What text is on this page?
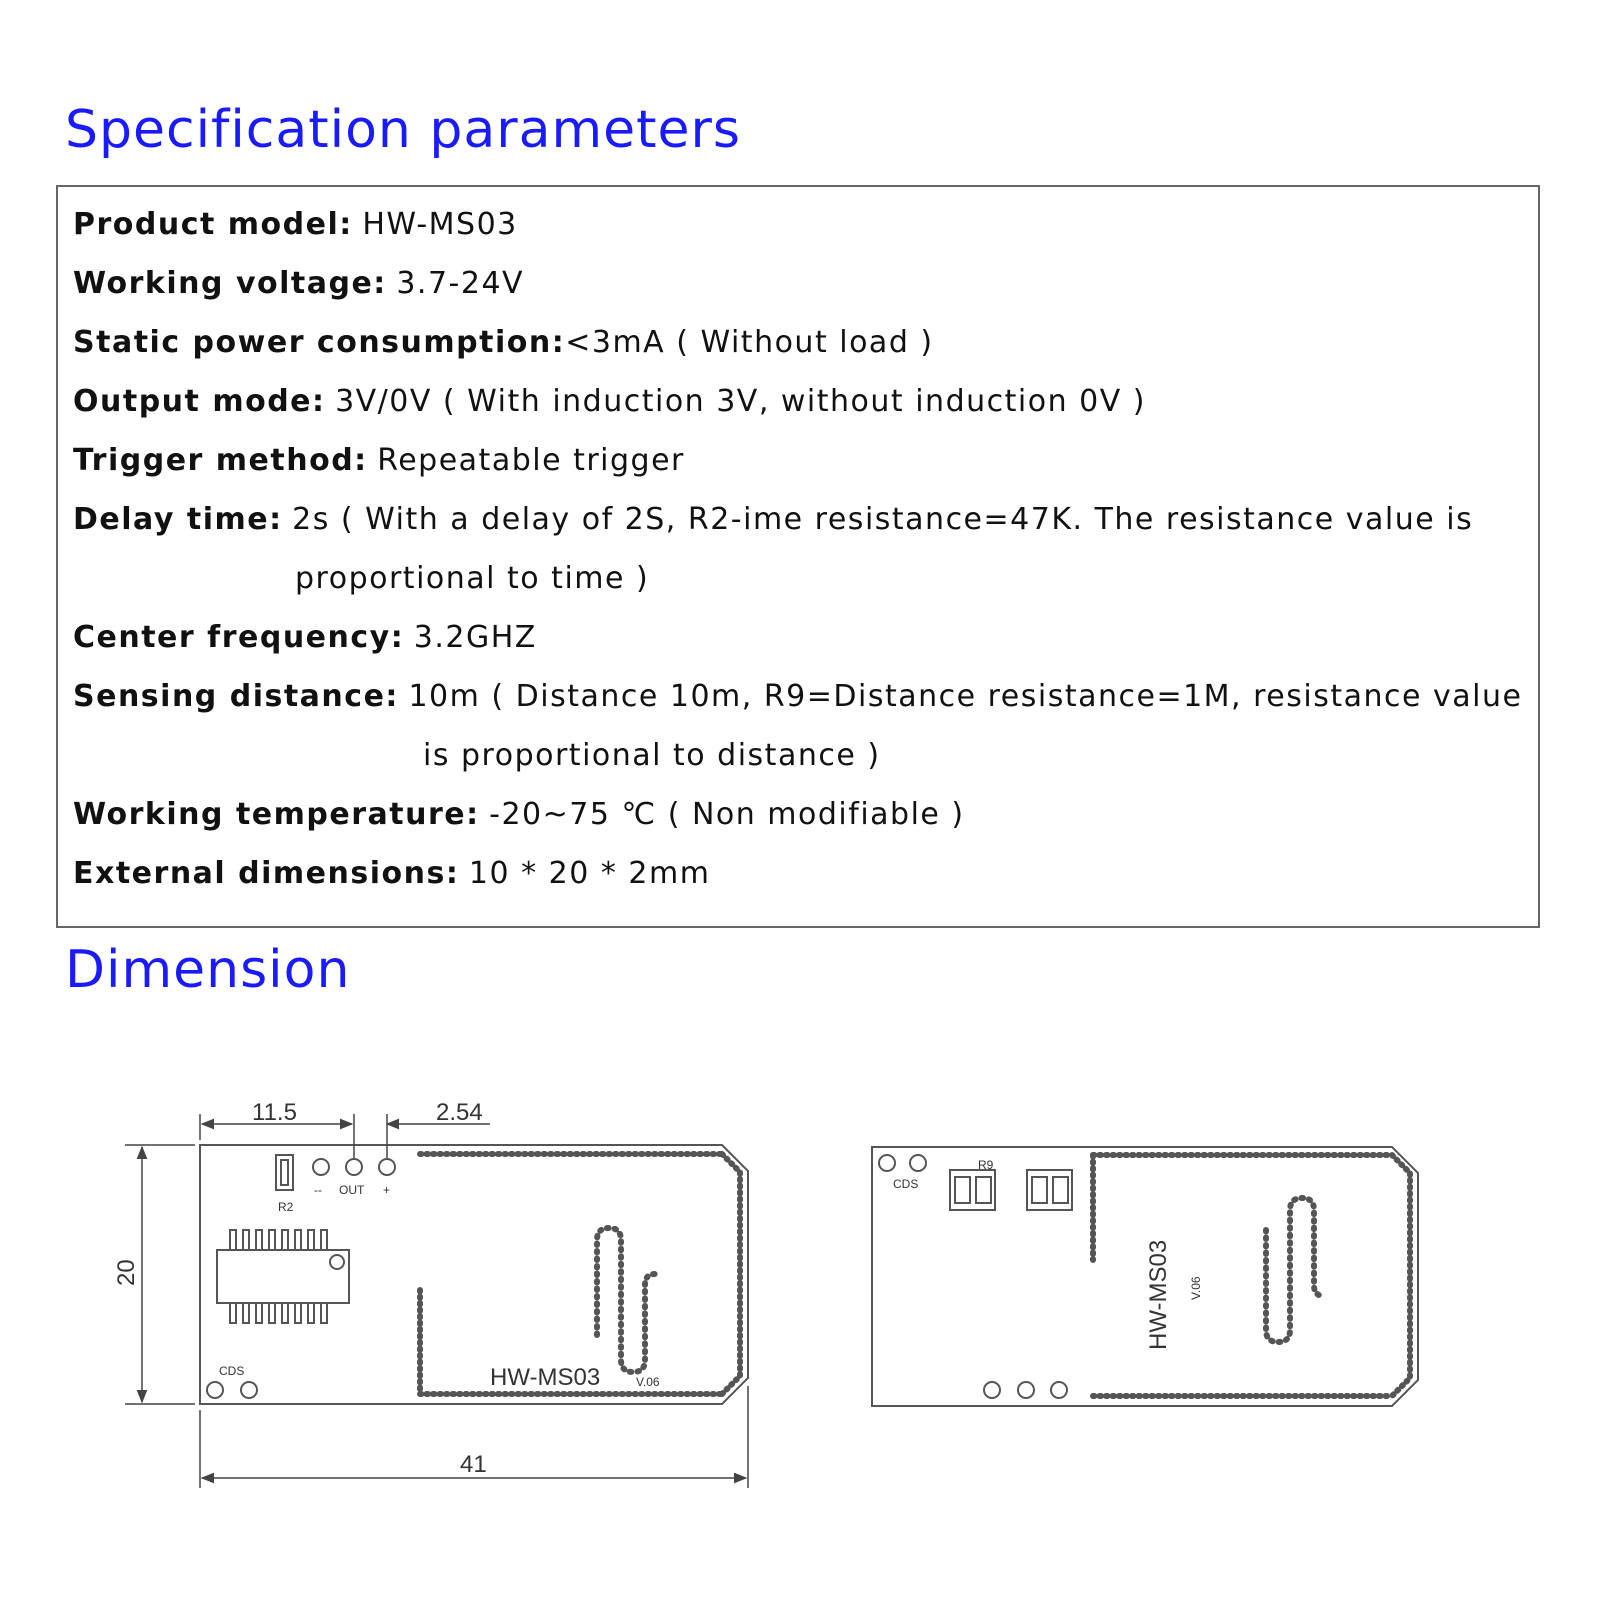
Specification parameters
Product model: HW-MS03
Working voltage: 3.7-24V
Static power consumption:<3mA ( Without load )
Output mode: 3V/0V ( With induction 3V, without induction 0V )
Trigger method: Repeatable trigger
Delay time: 2s ( With a delay of 2S, R2-ime resistance=47K. The resistance value is
proportional to time )
Center frequency: 3.2GHZ
Sensing distance: 10m ( Distance 10m, R9=Distance resistance=1M, resistance value
is proportional to distance )
Working temperature: -20~75 ℃ ( Non modifiable )
External dimensions: 10 * 20 * 2mm
Dimension
11.5	2.54
20
41
R2
-- OUT +
CDS	HW-MS03	V.06
CDS
R9
HW-MS03 V.06
